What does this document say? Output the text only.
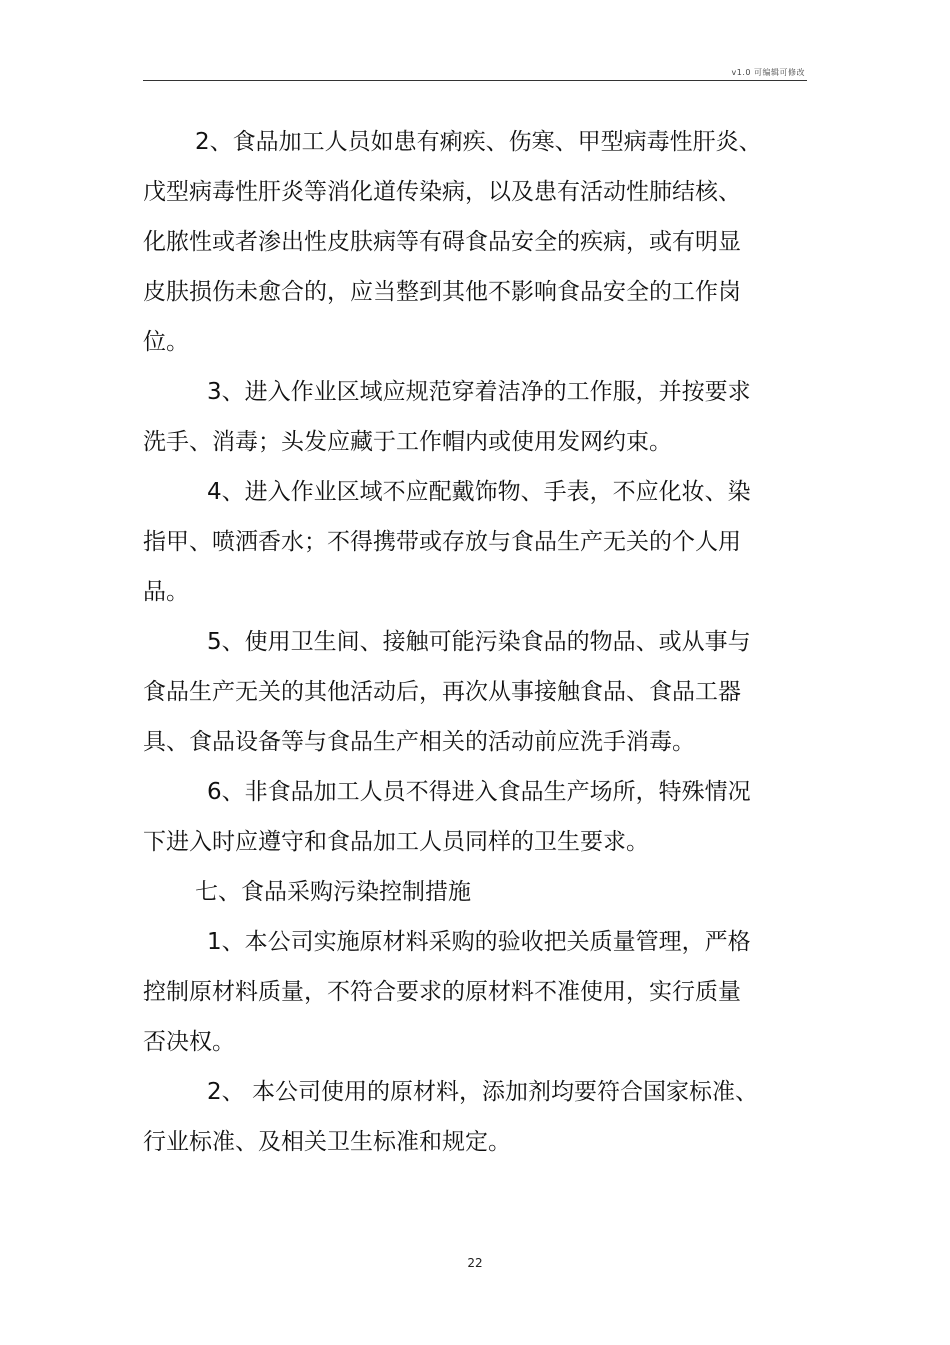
v1.0 可编辑可修改
2、食品加工人员如患有痢疾、伤寒、甲型病毒性肝炎、
戊型病毒性肝炎等消化道传染病，以及患有活动性肺结核、
化脓性或者渗出性皮肤病等有碍食品安全的疾病，或有明显
皮肤损伤未愈合的，应当整到其他不影响食品安全的工作岗
位。
3、进入作业区域应规范穿着洁净的工作服，并按要求
洗手、消毒；头发应藏于工作帽内或使用发网约束。
4、进入作业区域不应配戴饰物、手表，不应化妆、染
指甲、喷洒香水；不得携带或存放与食品生产无关的个人用
品。
5、使用卫生间、接触可能污染食品的物品、或从事与
食品生产无关的其他活动后，再次从事接触食品、食品工器
具、食品设备等与食品生产相关的活动前应洗手消毒。
6、非食品加工人员不得进入食品生产场所，特殊情况
下进入时应遵守和食品加工人员同样的卫生要求。
七、食品采购污染控制措施
1、本公司实施原材料采购的验收把关质量管理，严格
控制原材料质量，不符合要求的原材料不准使用，实行质量
否决权。
2、 本公司使用的原材料，添加剂均要符合国家标准、
行业标准、及相关卫生标准和规定。
22
